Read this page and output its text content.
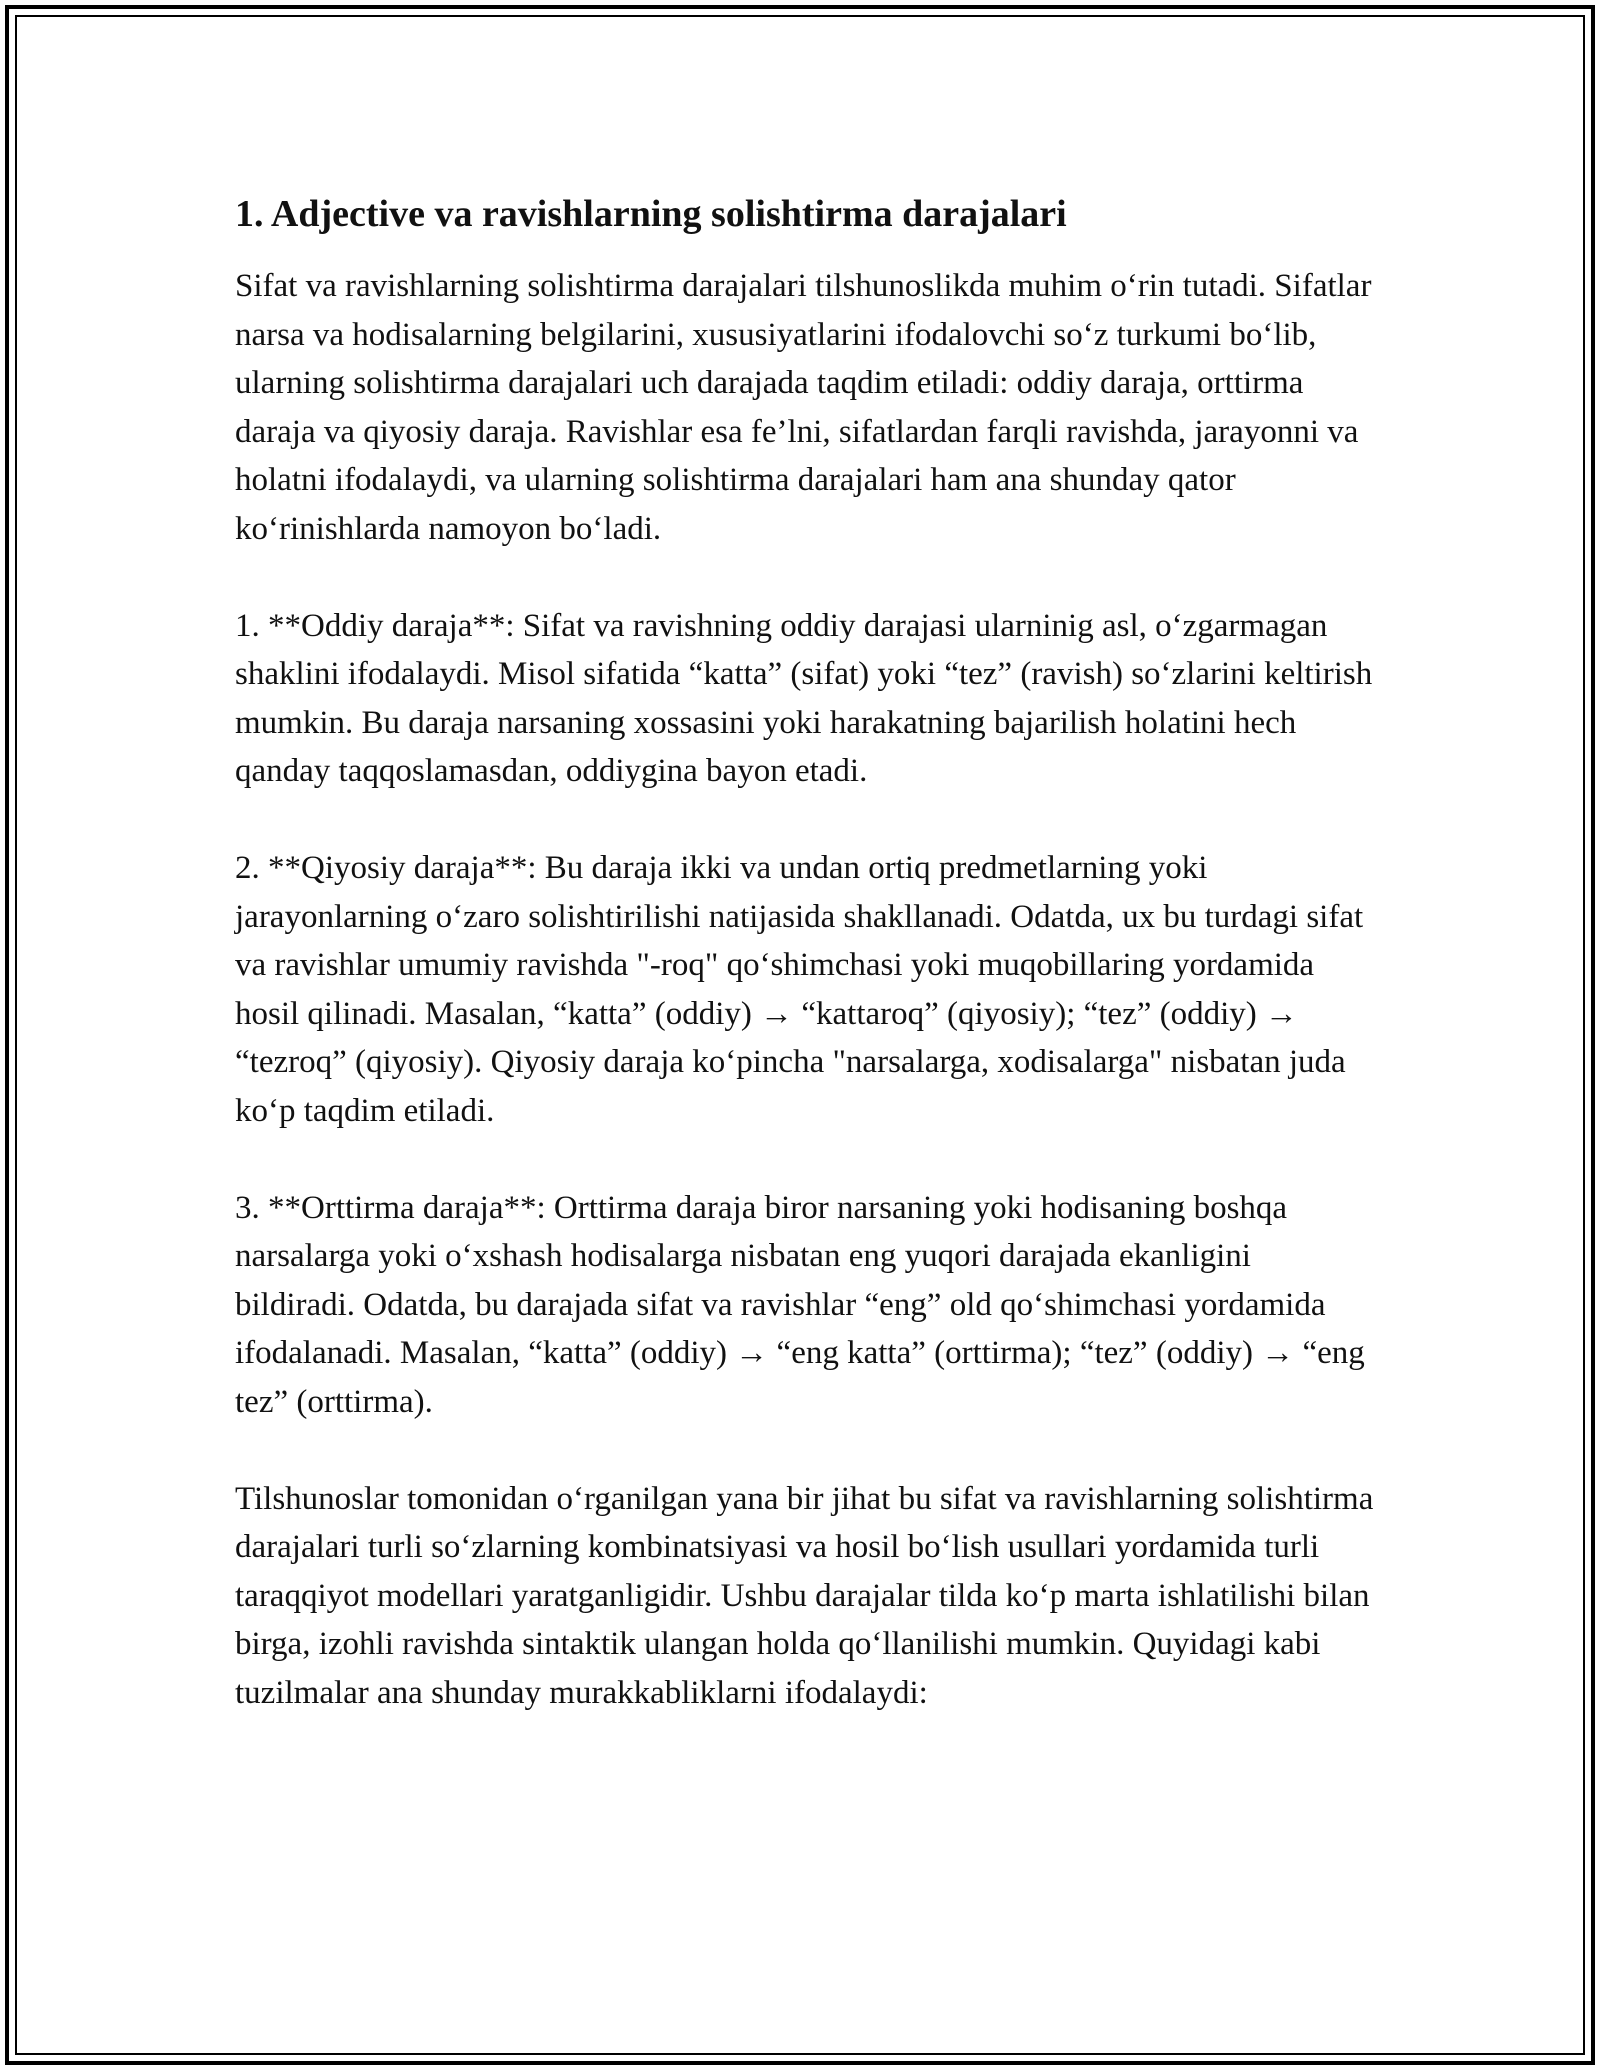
1. Adjective va ravishlarning solishtirma darajalari

Sifat va ravishlarning solishtirma darajalari tilshunoslikda muhim o‘rin tutadi. Sifatlar narsa va hodisalarning belgilarini, xususiyatlarini ifodalovchi so‘z turkumi bo‘lib, ularning solishtirma darajalari uch darajada taqdim etiladi: oddiy daraja, orttirma daraja va qiyosiy daraja. Ravishlar esa fe’lni, sifatlardan farqli ravishda, jarayonni va holatni ifodalaydi, va ularning solishtirma darajalari ham ana shunday qator ko‘rinishlarda namoyon bo‘ladi.

1. **Oddiy daraja**: Sifat va ravishning oddiy darajasi ularninig asl, o‘zgarmagan shaklini ifodalaydi. Misol sifatida “katta” (sifat) yoki “tez” (ravish) so‘zlarini keltirish mumkin. Bu daraja narsaning xossasini yoki harakatning bajarilish holatini hech qanday taqqoslamasdan, oddiygina bayon etadi.

2. **Qiyosiy daraja**: Bu daraja ikki va undan ortiq predmetlarning yoki jarayonlarning o‘zaro solishtirilishi natijasida shakllanadi. Odatda, ux bu turdagi sifat va ravishlar umumiy ravishda "-roq" qo‘shimchasi yoki muqobillaring yordamida hosil qilinadi. Masalan, “katta” (oddiy) → “kattaroq” (qiyosiy); “tez” (oddiy) → “tezroq” (qiyosiy). Qiyosiy daraja ko‘pincha "narsalarga, xodisalarga" nisbatan juda ko‘p taqdim etiladi.

3. **Orttirma daraja**: Orttirma daraja biror narsaning yoki hodisaning boshqa narsalarga yoki o‘xshash hodisalarga nisbatan eng yuqori darajada ekanligini bildiradi. Odatda, bu darajada sifat va ravishlar “eng” old qo‘shimchasi yordamida ifodalanadi. Masalan, “katta” (oddiy) → “eng katta” (orttirma); “tez” (oddiy) → “eng tez” (orttirma).

Tilshunoslar tomonidan o‘rganilgan yana bir jihat bu sifat va ravishlarning solishtirma darajalari turli so‘zlarning kombinatsiyasi va hosil bo‘lish usullari yordamida turli taraqqiyot modellari yaratganligidir. Ushbu darajalar tilda ko‘p marta ishlatilishi bilan birga, izohli ravishda sintaktik ulangan holda qo‘llanilishi mumkin. Quyidagi kabi tuzilmalar ana shunday murakkabliklarni ifodalaydi:
